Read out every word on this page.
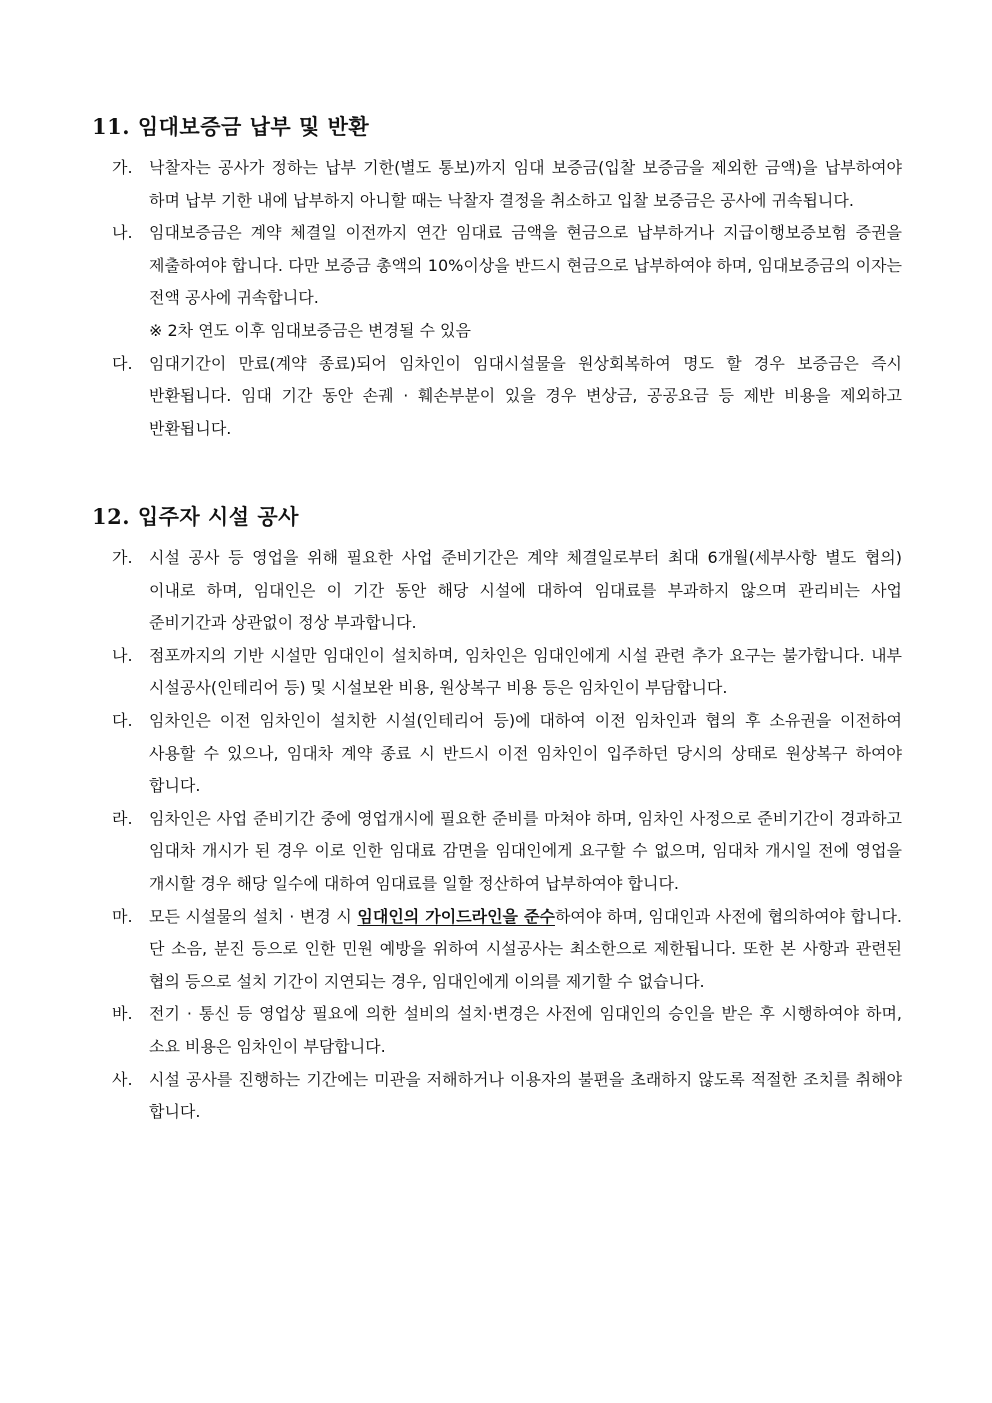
11. 임대보증금 납부 및 반환
가. 낙찰자는 공사가 정하는 납부 기한(별도 통보)까지 임대 보증금(입찰 보증금을 제외한 금액)을 납부하여야 하며 납부 기한 내에 납부하지 아니할 때는 낙찰자 결정을 취소하고 입찰 보증금은 공사에 귀속됩니다.
나. 임대보증금은 계약 체결일 이전까지 연간 임대료 금액을 현금으로 납부하거나 지급이행보증보험 증권을 제출하여야 합니다. 다만 보증금 총액의 10%이상을 반드시 현금으로 납부하여야 하며, 임대보증금의 이자는 전액 공사에 귀속합니다.

※ 2차 연도 이후 임대보증금은 변경될 수 있음

다. 임대기간이 만료(계약 종료)되어 임차인이 임대시설물을 원상회복하여 명도 할 경우 보증금은 즉시 반환됩니다. 임대 기간 동안 손궤 · 훼손부분이 있을 경우 변상금, 공공요금 등 제반 비용을 제외하고 반환됩니다.
12. 입주자 시설 공사
가. 시설 공사 등 영업을 위해 필요한 사업 준비기간은 계약 체결일로부터 최대 6개월(세부사항 별도 협의) 이내로 하며, 임대인은 이 기간 동안 해당 시설에 대하여 임대료를 부과하지 않으며 관리비는 사업 준비기간과 상관없이 정상 부과합니다.
나. 점포까지의 기반 시설만 임대인이 설치하며, 임차인은 임대인에게 시설 관련 추가 요구는 불가합니다. 내부 시설공사(인테리어 등) 및 시설보완 비용, 원상복구 비용 등은 임차인이 부담합니다.
다. 임차인은 이전 임차인이 설치한 시설(인테리어 등)에 대하여 이전 임차인과 협의 후 소유권을 이전하여 사용할 수 있으나, 임대차 계약 종료 시 반드시 이전 임차인이 입주하던 당시의 상태로 원상복구 하여야 합니다.
라. 임차인은 사업 준비기간 중에 영업개시에 필요한 준비를 마쳐야 하며, 임차인 사정으로 준비기간이 경과하고 임대차 개시가 된 경우 이로 인한 임대료 감면을 임대인에게 요구할 수 없으며, 임대차 개시일 전에 영업을 개시할 경우 해당 일수에 대하여 임대료를 일할 정산하여 납부하여야 합니다.
마. 모든 시설물의 설치 · 변경 시 임대인의 가이드라인을 준수하여야 하며, 임대인과 사전에 협의하여야 합니다. 단 소음, 분진 등으로 인한 민원 예방을 위하여 시설공사는 최소한으로 제한됩니다. 또한 본 사항과 관련된 협의 등으로 설치 기간이 지연되는 경우, 임대인에게 이의를 제기할 수 없습니다.
바. 전기 · 통신 등 영업상 필요에 의한 설비의 설치·변경은 사전에 임대인의 승인을 받은 후 시행하여야 하며, 소요 비용은 임차인이 부담합니다.
사. 시설 공사를 진행하는 기간에는 미관을 저해하거나 이용자의 불편을 초래하지 않도록 적절한 조치를 취해야 합니다.
